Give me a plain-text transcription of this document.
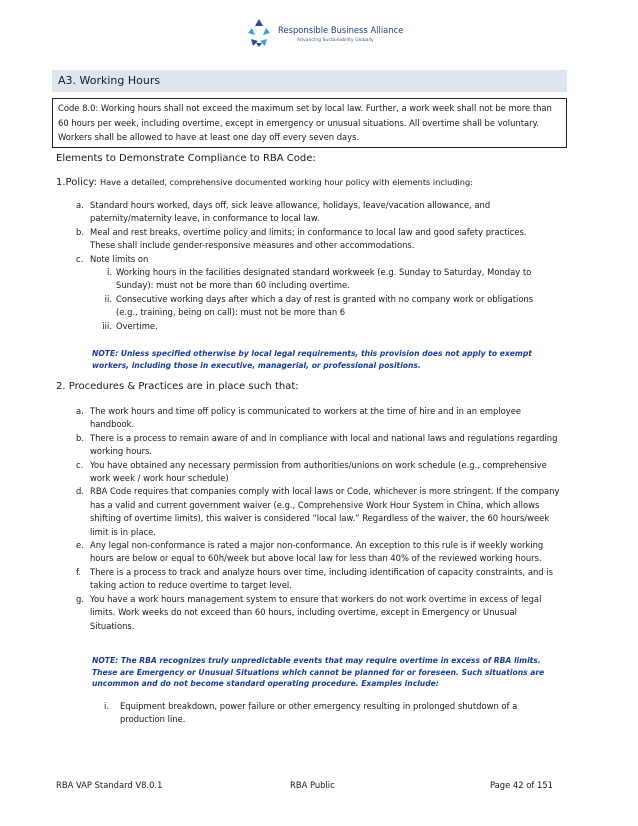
Responsible Business Alliance
Advancing Sustainability Globally
A3. Working Hours
Code 8.0: Working hours shall not exceed the maximum set by local law. Further, a work week shall not be more than 60 hours per week, including overtime, except in emergency or unusual situations. All overtime shall be voluntary. Workers shall be allowed to have at least one day off every seven days.
Elements to Demonstrate Compliance to RBA Code:
1.Policy: Have a detailed, comprehensive documented working hour policy with elements including:
a. Standard hours worked, days off, sick leave allowance, holidays, leave/vacation allowance, and paternity/maternity leave, in conformance to local law.
b. Meal and rest breaks, overtime policy and limits; in conformance to local law and good safety practices. These shall include gender-responsive measures and other accommodations.
c. Note limits on
i. Working hours in the facilities designated standard workweek (e.g. Sunday to Saturday, Monday to Sunday): must not be more than 60 including overtime.
ii. Consecutive working days after which a day of rest is granted with no company work or obligations (e.g., training, being on call): must not be more than 6
iii. Overtime.
NOTE: Unless specified otherwise by local legal requirements, this provision does not apply to exempt workers, including those in executive, managerial, or professional positions.
2. Procedures & Practices are in place such that:
a. The work hours and time off policy is communicated to workers at the time of hire and in an employee handbook.
b. There is a process to remain aware of and in compliance with local and national laws and regulations regarding working hours.
c. You have obtained any necessary permission from authorities/unions on work schedule (e.g., comprehensive work week / work hour schedule)
d. RBA Code requires that companies comply with local laws or Code, whichever is more stringent. If the company has a valid and current government waiver (e.g., Comprehensive Work Hour System in China, which allows shifting of overtime limits), this waiver is considered “local law.” Regardless of the waiver, the 60 hours/week limit is in place.
e. Any legal non-conformance is rated a major non-conformance. An exception to this rule is if weekly working hours are below or equal to 60h/week but above local law for less than 40% of the reviewed working hours.
f. There is a process to track and analyze hours over time, including identification of capacity constraints, and is taking action to reduce overtime to target level.
g. You have a work hours management system to ensure that workers do not work overtime in excess of legal limits. Work weeks do not exceed than 60 hours, including overtime, except in Emergency or Unusual Situations.
NOTE: The RBA recognizes truly unpredictable events that may require overtime in excess of RBA limits. These are Emergency or Unusual Situations which cannot be planned for or foreseen. Such situations are uncommon and do not become standard operating procedure. Examples include:
i. Equipment breakdown, power failure or other emergency resulting in prolonged shutdown of a production line.
RBA VAP Standard V8.0.1	RBA Public	Page 42 of 151
